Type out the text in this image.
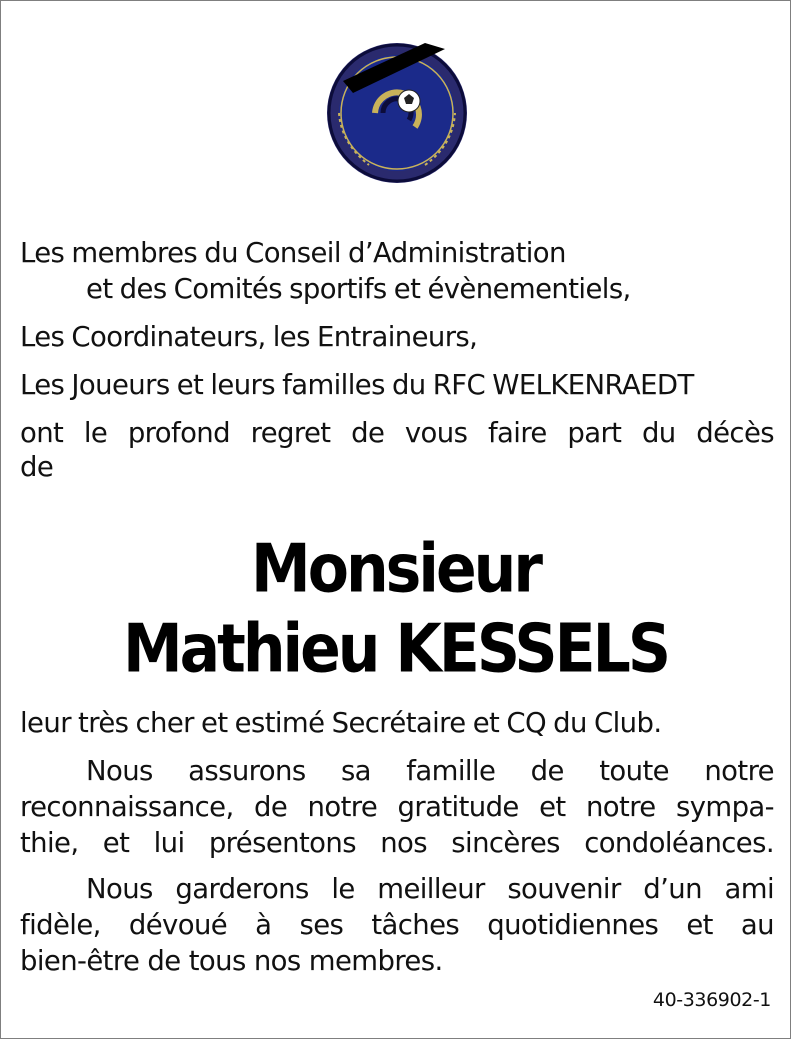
Les membres du Conseil d’Administration
et des Comités sportifs et évènementiels,
Les Coordinateurs, les Entraineurs,
Les Joueurs et leurs familles du RFC WELKENRAEDT
ont le profond regret de vous faire part du décès
de
Monsieur
Mathieu KESSELS
leur très cher et estimé Secrétaire et CQ du Club.
Nous assurons sa famille de toute notre
reconnaissance, de notre gratitude et notre sympa-
thie, et lui présentons nos sincères condoléances.
Nous garderons le meilleur souvenir d’un ami
fidèle, dévoué à ses tâches quotidiennes et au
bien-être de tous nos membres.
40-336902-1
